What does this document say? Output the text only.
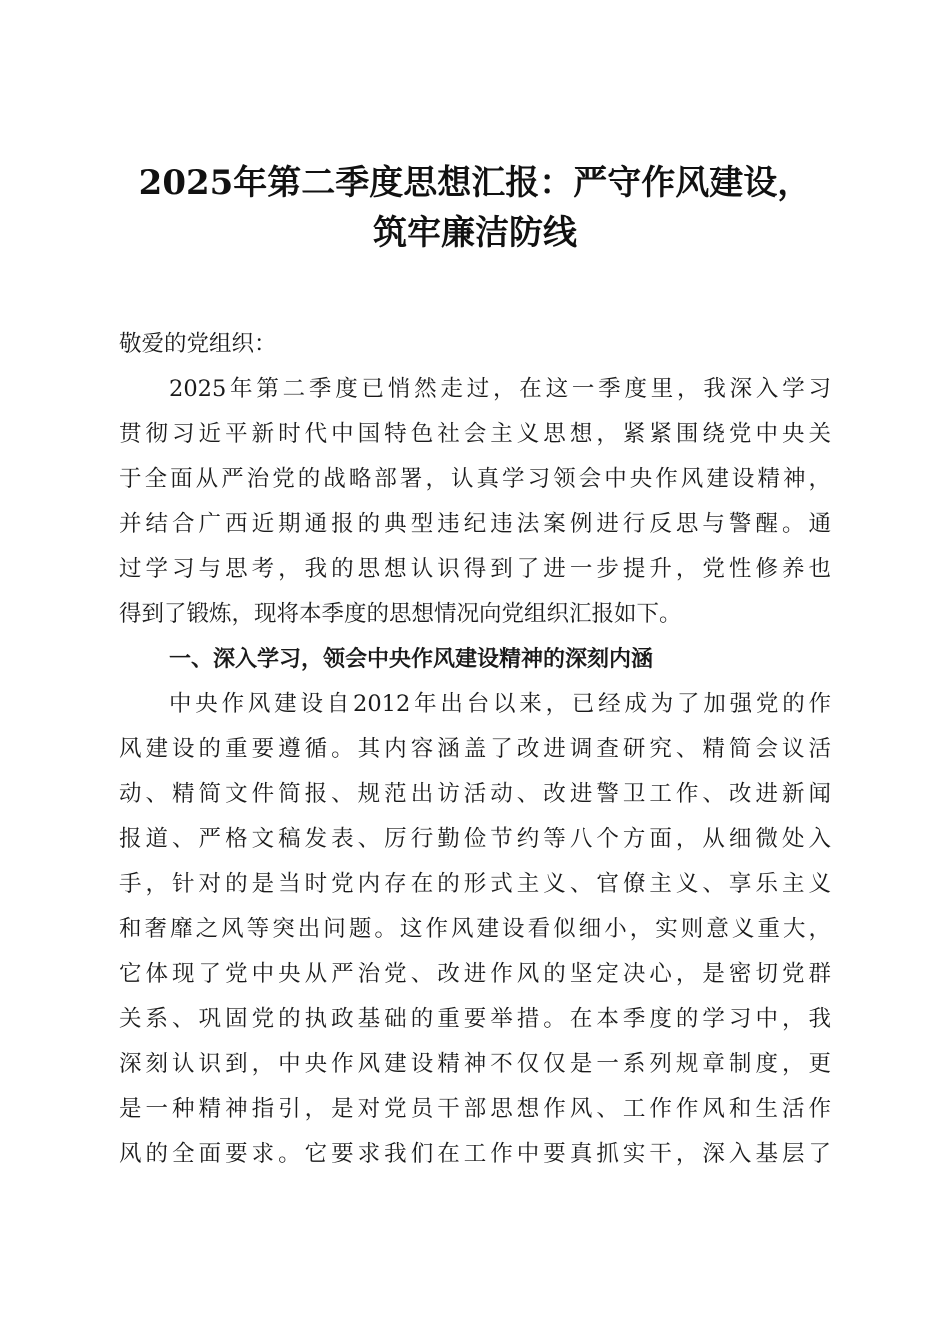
2025年第二季度思想汇报：严守作风建设，
筑牢廉洁防线

敬爱的党组织：

2025年第二季度已悄然走过，在这一季度里，我深入学习
贯彻习近平新时代中国特色社会主义思想，紧紧围绕党中央关
于全面从严治党的战略部署，认真学习领会中央作风建设精神，
并结合广西近期通报的典型违纪违法案例进行反思与警醒。通
过学习与思考，我的思想认识得到了进一步提升，党性修养也
得到了锻炼，现将本季度的思想情况向党组织汇报如下。

一、深入学习，领会中央作风建设精神的深刻内涵

中央作风建设自2012年出台以来，已经成为了加强党的作
风建设的重要遵循。其内容涵盖了改进调查研究、精简会议活
动、精简文件简报、规范出访活动、改进警卫工作、改进新闻
报道、严格文稿发表、厉行勤俭节约等八个方面，从细微处入
手，针对的是当时党内存在的形式主义、官僚主义、享乐主义
和奢靡之风等突出问题。这作风建设看似细小，实则意义重大，
它体现了党中央从严治党、改进作风的坚定决心，是密切党群
关系、巩固党的执政基础的重要举措。在本季度的学习中，我
深刻认识到，中央作风建设精神不仅仅是一系列规章制度，更
是一种精神指引，是对党员干部思想作风、工作作风和生活作
风的全面要求。它要求我们在工作中要真抓实干，深入基层了
